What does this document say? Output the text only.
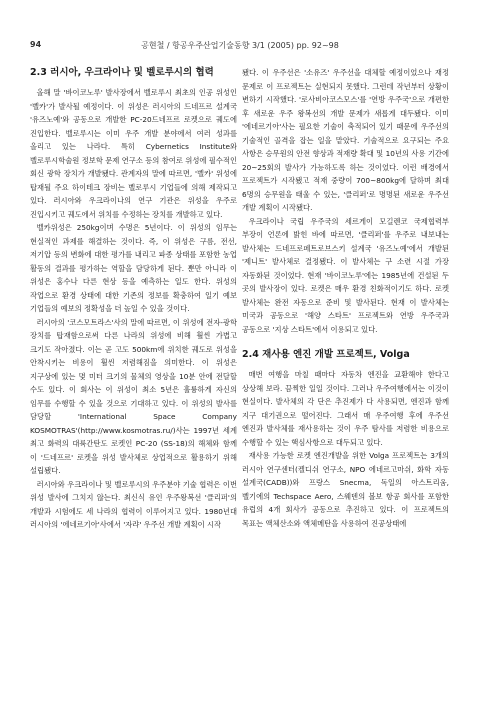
94	공현철 / 항공우주산업기술동향 3/1 (2005) pp. 92~98
2.3 러시아, 우크라이나 및 벨로루시의 협력

올해 말 '바이코노루' 발사장에서 벨로루시 최초의 인공 위성인 '벨카'가 발사될 예정이다. 이 위성은 러시아의 드네프르 설계국 '유즈노예'와 공동으로 개발한 PC-20드네프르 로켓으로 궤도에 진입한다. 벨로루시는 이미 우주 개발 분야에서 여러 성과를 올리고 있는 나라다. 특히 Cybernetics Institute와 벨로루시학술원 정보학 문제 연구소 등의 참여로 위성에 필수적인 회신 광학 장치가 개발됐다. 관계자의 말에 따르면, '벨카' 위성에 탑재될 주요 하이테크 장비는 벨로루시 기업들에 의해 제작되고 있다. 러시아와 우크라이나의 연구 기관은 위성을 우주로 진입시키고 궤도에서 위치를 수정하는 장치를 개발하고 있다.

벨카위성은 250kg이며 수명은 5년이다. 이 위성의 임무는 현실적인 과제를 해결하는 것이다. 즉, 이 위성은 구름, 전선, 저기압 등의 변화에 대한 평가를 내리고 파종 상태를 포함한 농업 활동의 결과를 평가하는 역할을 담당하게 된다. 뿐만 아니라 이 위성은 홍수나 다른 현상 등을 예측하는 일도 한다. 위성의 작업으로 환경 상태에 대한 기존의 정보를 확충하여 일기 예보 기업들의 예보의 정확성을 더 높일 수 있을 것이다.

러시아의 '코스모트라스'사의 말에 따르면, 이 위성에 전자-광학 장치를 탑재함으로써 다른 나라의 위성에 비해 훨씬 가볍고 크기도 작아졌다. 이는 곧 고도 500km에 위치한 궤도로 위성을 안착시키는 비용이 훨씬 저렴해짐을 의미한다. 이 위성은 지구상에 있는 몇 미터 크기의 물체의 영상을 10분 안에 전달할 수도 있다. 이 회사는 이 위성이 최소 5년은 훌륭하게 자신의 임무를 수행할 수 있을 것으로 기대하고 있다. 이 위성의 발사를 담당할 'International Space Company KOSMOTRAS'(http://www.kosmotras.ru/)사는 1997년 세계 최고 화력의 대륙간탄도 로켓인 PC-20 (SS-18)의 해체와 함께 이 '드네프르' 로켓을 위성 발사체로 상업적으로 활용하기 위해 설립됐다.

러시아와 우크라이나 및 벨로루시의 우주분야 기술 협력은 이번 위성 발사에 그치지 않는다. 최신식 유인 우주왕복선 '클리퍼'의 개발과 시험에도 세 나라의 협력이 이루어지고 있다. 1980년대 러시아의 '에네르기아'사에서 '자랴' 우주선 개발 계획이 시작

됐다. 이 우주선은 '소유즈' 우주선을 대체할 예정이었으나 재정 문제로 이 프로젝트는 실현되지 못했다. 그런데 작년부터 상황이 변하기 시작했다. '로사비아코스모스'를 '연방 우주국'으로 개편한 후 새로운 우주 왕복선의 개발 문제가 새롭게 대두됐다. 이미 '에네르기아'사는 필요한 기술이 축적되어 있기 때문에 우주선의 기술적인 골격을 잡는 일을 맡았다. 기술적으로 요구되는 주요 사항은 승무원의 안전 향상과 적재량 확대 및 10년의 사용 기간에 20~25회의 발사가 가능하도록 하는 것이었다. 이런 배경에서 프로젝트가 시작됐고 적재 중량이 700~800kg에 달하며 최대 6명의 승무원을 태울 수 있는, '클리퍼'로 명명된 새로운 우주선 개발 계획이 시작됐다.

우크라이나 국립 우주국의 세르게이 모길렌코 국제협력부 부장이 언론에 밝힌 바에 따르면, '클리퍼'를 우주로 내보내는 발사체는 드네프로페트로브스키 설계국 '유즈노예'에서 개발된 '제니트' 발사체로 결정됐다. 이 발사체는 구 소련 시절 가장 자동화된 것이었다. 현재 '바이코노루'에는 1985년에 건설된 두 곳의 발사장이 있다. 로켓은 매우 환경 친화적이기도 하다. 로켓 발사체는 완전 자동으로 준비 및 발사된다. 현재 이 발사체는 미국과 공동으로 '해양 스타트' 프로젝트와 연방 우주국과 공동으로 '지상 스타트'에서 이용되고 있다.

2.4 재사용 엔진 개발 프로젝트, Volga

매번 여행을 마칠 때마다 자동차 엔진을 교환해야 한다고 상상해 보라. 끔찍한 일일 것이다. 그러나 우주여행에서는 이것이 현실이다. 발사체의 각 단은 추진제가 다 사용되면, 엔진과 함께 지구 대기권으로 떨어진다. 그래서 매 우주여행 후에 우주선 엔진과 발사체를 재사용하는 것이 우주 탐사를 저렴한 비용으로 수행할 수 있는 핵심사항으로 대두되고 있다.

재사용 가능한 로켓 엔진개발을 위한 Volga 프로젝트는 3개의 러시아 연구센터(켈디쉬 연구소, NPO 에네르고마쉬, 화학 자동 설계국(CADB))와 프랑스 Snecma, 독일의 아스트리움, 벨기에의 Techspace Aero, 스웨덴의 볼보 항공 회사를 포함한 유럽의 4개 회사가 공동으로 추진하고 있다. 이 프로젝트의 목표는 액체산소와 액체메탄을 사용하여 진공상태에
